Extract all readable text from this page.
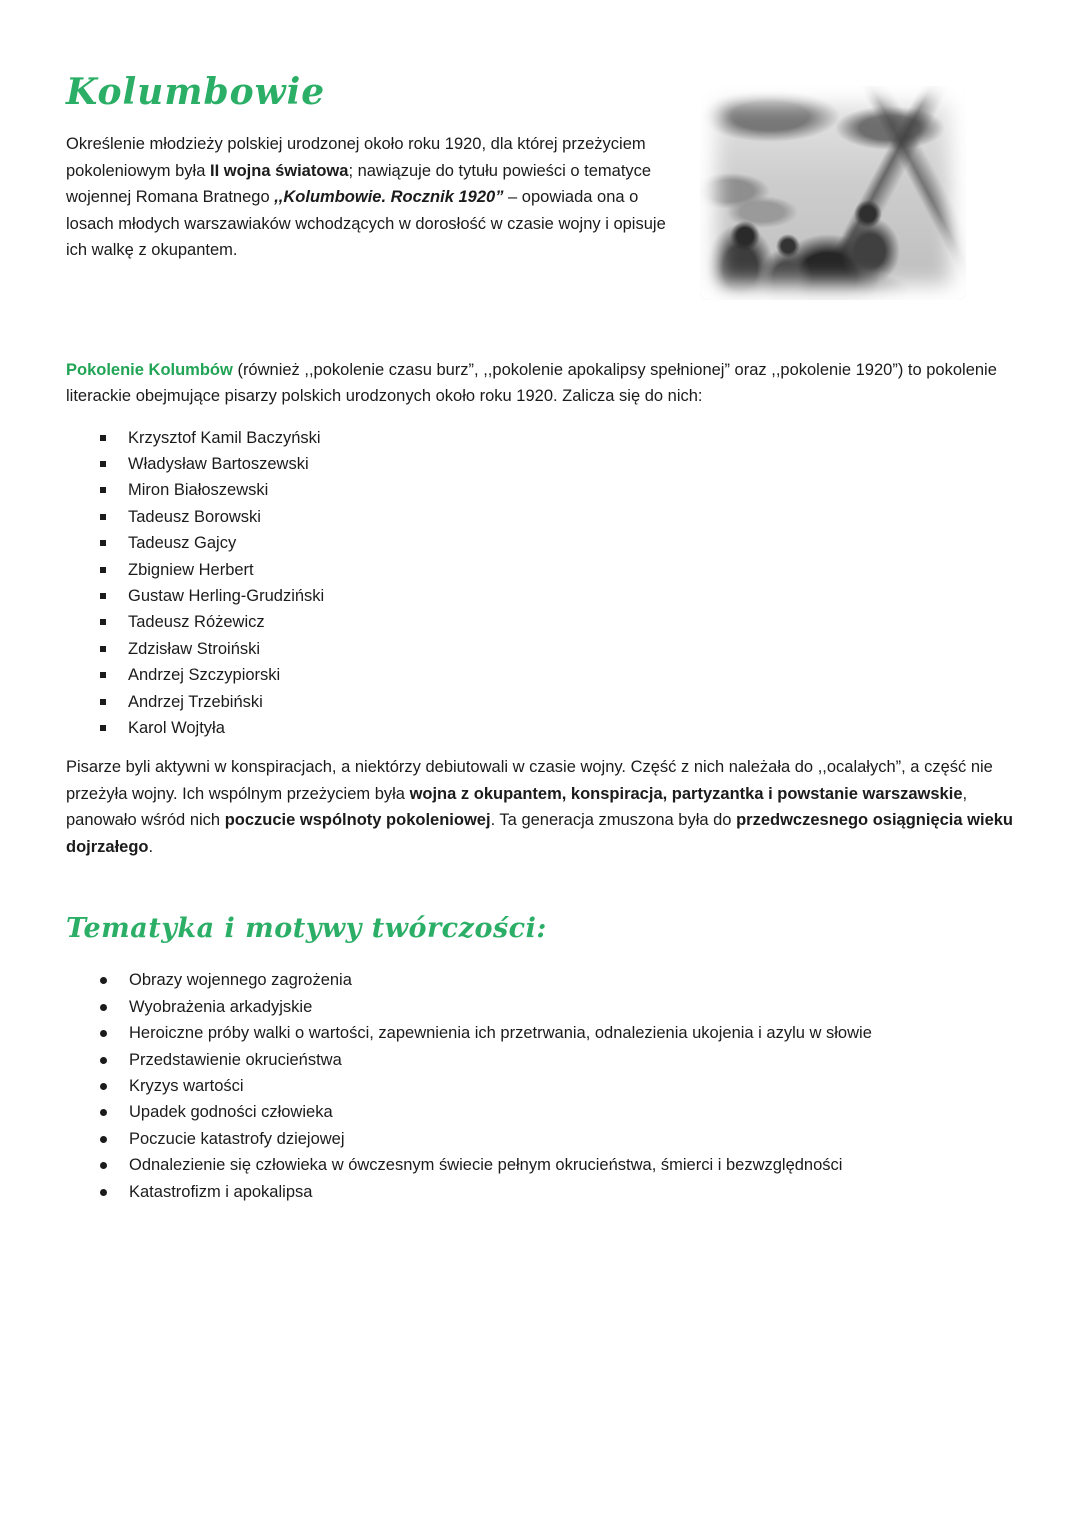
Kolumbowie

Określenie młodzieży polskiej urodzonej około roku 1920, dla której przeżyciem pokoleniowym była II wojna światowa; nawiązuje do tytułu powieści o tematyce wojennej Romana Bratnego ,,Kolumbowie. Rocznik 1920” – opowiada ona o losach młodych warszawiaków wchodzących w dorosłość w czasie wojny i opisuje ich walkę z okupantem.

Pokolenie Kolumbów (również ,,pokolenie czasu burz”, ,,pokolenie apokalipsy spełnionej” oraz ,,pokolenie 1920”) to pokolenie literackie obejmujące pisarzy polskich urodzonych około roku 1920. Zalicza się do nich:

Krzysztof Kamil Baczyński
Władysław Bartoszewski
Miron Białoszewski
Tadeusz Borowski
Tadeusz Gajcy
Zbigniew Herbert
Gustaw Herling-Grudziński
Tadeusz Różewicz
Zdzisław Stroiński
Andrzej Szczypiorski
Andrzej Trzebiński
Karol Wojtyła

Pisarze byli aktywni w konspiracjach, a niektórzy debiutowali w czasie wojny. Część z nich należała do ,,ocalałych”, a część nie przeżyła wojny. Ich wspólnym przeżyciem była wojna z okupantem, konspiracja, partyzantka i powstanie warszawskie, panowało wśród nich poczucie wspólnoty pokoleniowej. Ta generacja zmuszona była do przedwczesnego osiągnięcia wieku dojrzałego.

Tematyka i motywy twórczości:
Obrazy wojennego zagrożenia
Wyobrażenia arkadyjskie
Heroiczne próby walki o wartości, zapewnienia ich przetrwania, odnalezienia ukojenia i azylu w słowie
Przedstawienie okrucieństwa
Kryzys wartości
Upadek godności człowieka
Poczucie katastrofy dziejowej
Odnalezienie się człowieka w ówczesnym świecie pełnym okrucieństwa, śmierci i bezwzględności
Katastrofizm i apokalipsa
